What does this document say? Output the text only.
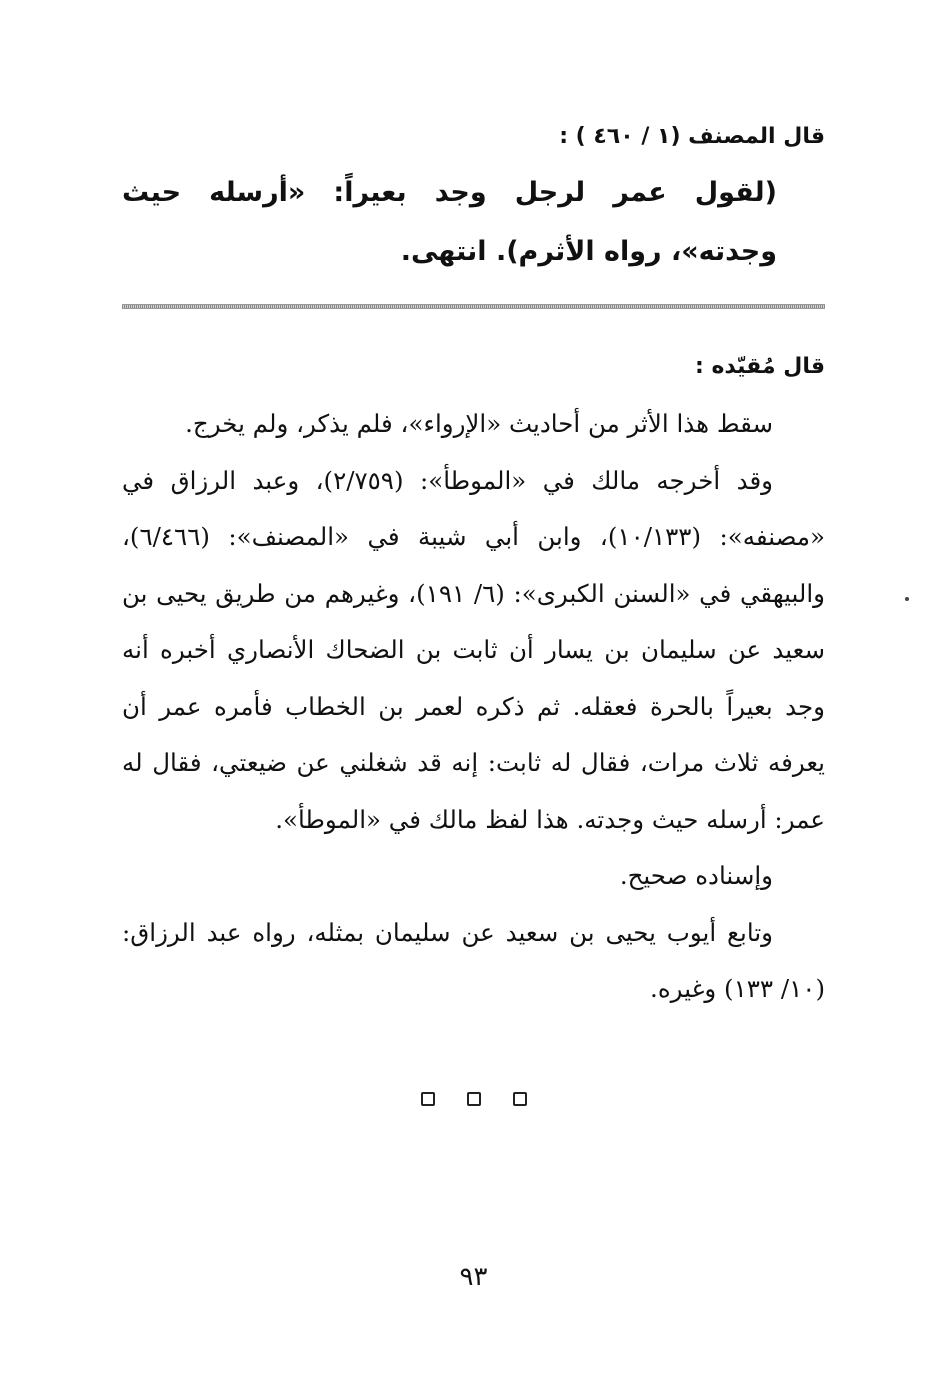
قال المصنف (١ / ٤٦٠ ) :
(لقول عمر لرجل وجد بعيراً: «أرسله حيث وجدته»، رواه الأثرم). انتهى.
قال مُقيّده :

سقط هذا الأثر من أحاديث «الإرواء»، فلم يذكر، ولم يخرج.

وقد أخرجه مالك في «الموطأ»: (٢/٧٥٩)، وعبد الرزاق في «مصنفه»: (١٠/١٣٣)، وابن أبي شيبة في «المصنف»: (٦/٤٦٦)، والبيهقي في «السنن الكبرى»: (٦/ ١٩١)، وغيرهم من طريق يحيى بن سعيد عن سليمان بن يسار أن ثابت بن الضحاك الأنصاري أخبره أنه وجد بعيراً بالحرة فعقله. ثم ذكره لعمر بن الخطاب فأمره عمر أن يعرفه ثلاث مرات، فقال له ثابت: إنه قد شغلني عن ضيعتي، فقال له عمر: أرسله حيث وجدته. هذا لفظ مالك في «الموطأ».

وإسناده صحيح.

وتابع أيوب يحيى بن سعيد عن سليمان بمثله، رواه عبد الرزاق: (١٠/ ١٣٣) وغيره.

٩٣
